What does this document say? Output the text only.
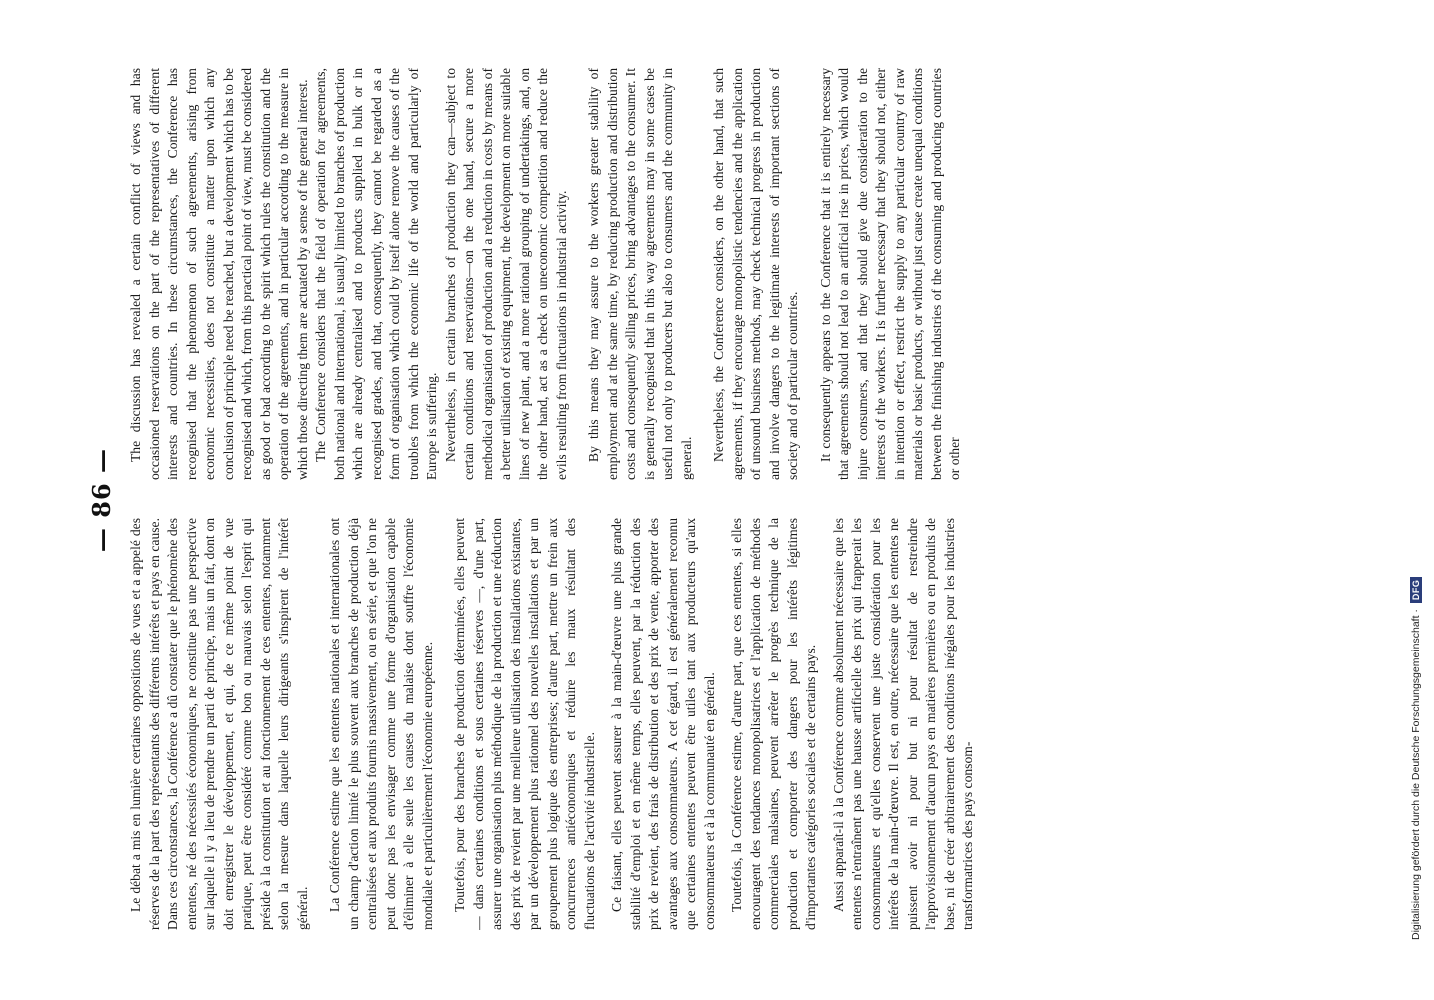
— 86 —

Le débat a mis en lumière certaines oppositions de vues et a appelé des réserves de la part des représentants des différents intérêts et pays en cause. Dans ces circonstances, la Conférence a dû constater que le phénomène des ententes, né des nécessités économiques, ne constitue pas une perspective sur laquelle il y a lieu de prendre un parti de principe, mais un fait, dont on doit enregistrer le développement, et qui, de ce même point de vue pratique, peut être considéré comme bon ou mauvais selon l'esprit qui préside à la constitution et au fonctionnement de ces ententes, notamment selon la mesure dans laquelle leurs dirigeants s'inspirent de l'intérêt général. La Conférence estime que les ententes nationales et internationales ont un champ d'action limité le plus souvent aux branches de production déjà centralisées et aux produits fournis massivement, ou en série, et que l'on ne peut donc pas les envisager comme une forme d'organisation capable d'éliminer à elle seule les causes du malaise dont souffre l'économie mondiale et particulièrement l'économie européenne. Toutefois, pour des branches de production déterminées, elles peuvent — dans certaines conditions et sous certaines réserves —, d'une part, assurer une organisation plus méthodique de la production et une réduction des prix de revient par une meilleure utilisation des installations existantes, par un développement plus rationnel des nouvelles installations et par un groupement plus logique des entreprises; d'autre part, mettre un frein aux concurrences antiéconomiques et réduire les maux résultant des fluctuations de l'activité industrielle. Ce faisant, elles peuvent assurer à la main-d'œuvre une plus grande stabilité d'emploi et en même temps, elles peuvent, par la réduction des prix de revient, des frais de distribution et des prix de vente, apporter des avantages aux consommateurs. A cet égard, il est généralement reconnu que certaines ententes peuvent être utiles tant aux producteurs qu'aux consommateurs et à la communauté en général. Toutefois, la Conférence estime, d'autre part, que ces ententes, si elles encouragent des tendances monopolisatrices et l'application de méthodes commerciales malsaines, peuvent arrêter le progrès technique de la production et comporter des dangers pour les intérêts légitimes d'importantes catégories sociales et de certains pays. Aussi apparaît-il à la Conférence comme absolument nécessaire que les ententes n'entraînent pas une hausse artificielle des prix qui frapperait les consommateurs et qu'elles conservent une juste considération pour les intérêts de la main-d'œuvre. Il est, en outre, nécessaire que les ententes ne puissent avoir ni pour but ni pour résultat de restreindre l'approvisionnement d'aucun pays en matières premières ou en produits de base, ni de créer arbitrairement des conditions inégales pour les industries transformatrices des pays consom-

The discussion has revealed a certain conflict of views and has occasioned reservations on the part of the representatives of different interests and countries. In these circumstances, the Conference has recognised that the phenomenon of such agreements, arising from economic necessities, does not constitute a matter upon which any conclusion of principle need be reached, but a development which has to be recognised and which, from this practical point of view, must be considered as good or bad according to the spirit which rules the constitution and the operation of the agreements, and in particular according to the measure in which those directing them are actuated by a sense of the general interest. The Conference considers that the field of operation for agreements, both national and international, is usually limited to branches of production which are already centralised and to products supplied in bulk or in recognised grades, and that, consequently, they cannot be regarded as a form of organisation which could by itself alone remove the causes of the troubles from which the economic life of the world and particularly of Europe is suffering. Nevertheless, in certain branches of production they can—subject to certain conditions and reservations—on the one hand, secure a more methodical organisation of production and a reduction in costs by means of a better utilisation of existing equipment, the development on more suitable lines of new plant, and a more rational grouping of undertakings, and, on the other hand, act as a check on uneconomic competition and reduce the evils resulting from fluctuations in industrial activity. By this means they may assure to the workers greater stability of employment and at the same time, by reducing production and distribution costs and consequently selling prices, bring advantages to the consumer. It is generally recognised that in this way agreements may in some cases be useful not only to producers but also to consumers and the community in general. Nevertheless, the Conference considers, on the other hand, that such agreements, if they encourage monopolistic tendencies and the application of unsound business methods, may check technical progress in production and involve dangers to the legitimate interests of important sections of society and of particular countries. It consequently appears to the Conference that it is entirely necessary that agreements should not lead to an artificial rise in prices, which would injure consumers, and that they should give due consideration to the interests of the workers. It is further necessary that they should not, either in intention or effect, restrict the supply to any particular country of raw materials or basic products, or without just cause create unequal conditions between the finishing industries of the consuming and producing countries or other

Digitalisierung gefördert durch die Deutsche Forschungsgemeinschaft ·
DFG
